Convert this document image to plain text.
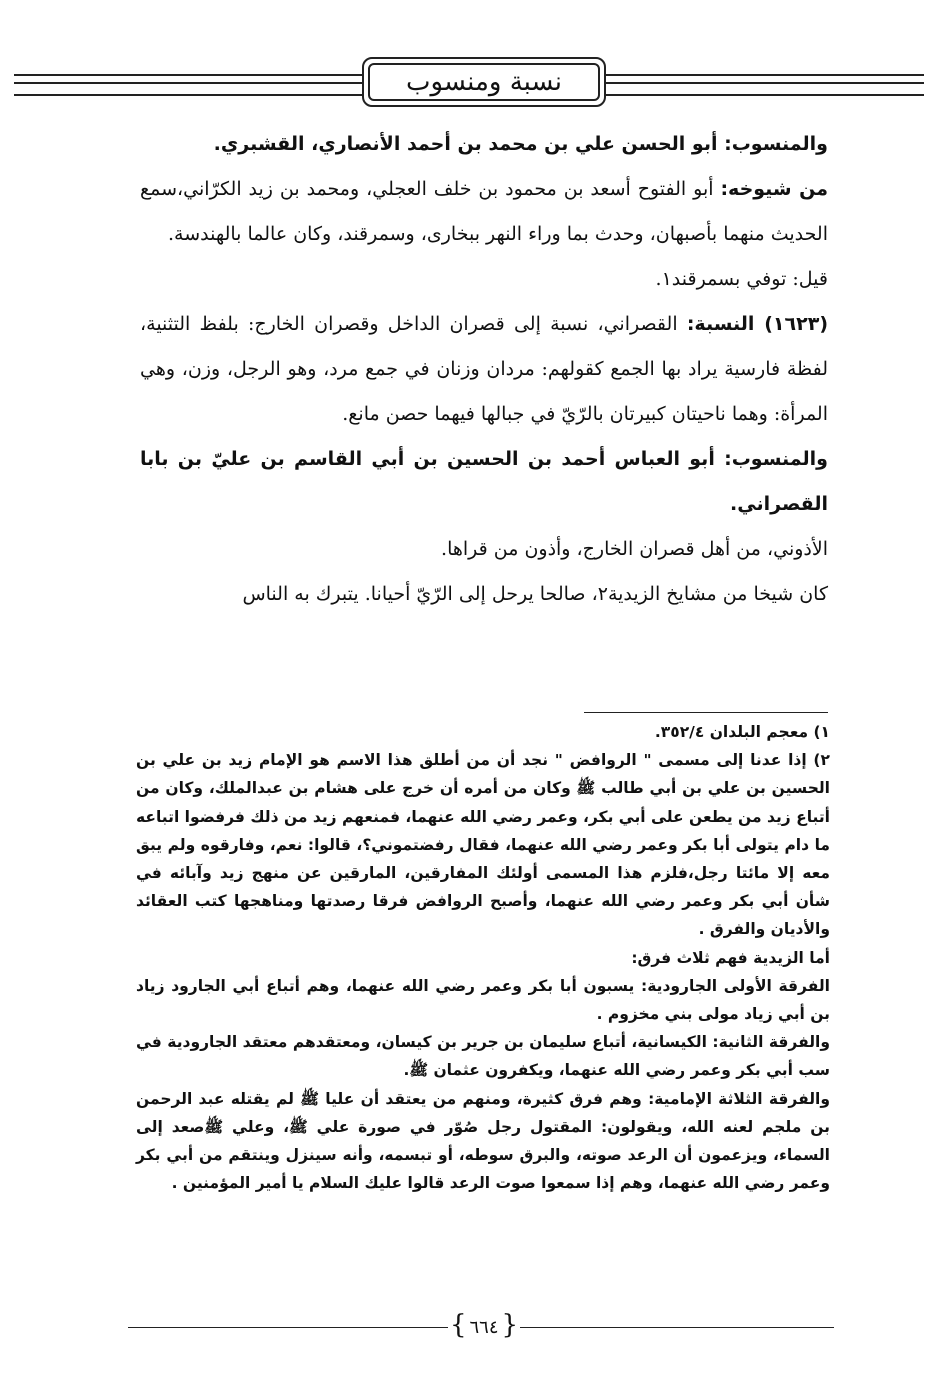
نسبة ومنسوب

والمنسوب: أبو الحسن علي بن محمد بن أحمد الأنصاري، القشبري.

من شيوخه: أبو الفتوح أسعد بن محمود بن خلف العجلي، ومحمد بن زيد الكرّاني،سمع الحديث منهما بأصبهان، وحدث بما وراء النهر ببخارى، وسمرقند، وكان عالما بالهندسة.

قيل: توفي بسمرقند١.

(١٦٢٣) النسبة: القصراني، نسبة إلى قصران الداخل وقصران الخارج: بلفظ التثنية، لفظة فارسية يراد بها الجمع كقولهم: مردان وزنان في جمع مرد، وهو الرجل، وزن، وهي المرأة: وهما ناحيتان كبيرتان بالرّيّ في جبالها فيهما حصن مانع.

والمنسوب: أبو العباس أحمد بن الحسين بن أبي القاسم بن عليّ بن بابا القصراني.

الأذوني، من أهل قصران الخارج، وأذون من قراها.

كان شيخا من مشايخ الزيدية٢، صالحا يرحل إلى الرّيّ أحيانا. يتبرك به الناس

١) معجم البلدان ٣٥٢/٤.

٢) إذا عدنا إلى مسمى " الروافض " نجد أن من أطلق هذا الاسم هو الإمام زيد بن علي بن الحسين بن علي بن أبي طالب ﷺ وكان من أمره أن خرج على هشام بن عبدالملك، وكان من أتباع زيد من يطعن على أبي بكر، وعمر رضي الله عنهما، فمنعهم زيد من ذلك فرفضوا اتباعه ما دام يتولى أبا بكر وعمر رضي الله عنهما، فقال رفضتموني؟، قالوا: نعم، وفارقوه ولم يبق معه إلا مائتا رجل،فلزم هذا المسمى أولئك المفارقين، المارقين عن منهج زيد وآبائه في شأن أبي بكر وعمر رضي الله عنهما، وأصبح الروافض فرقا رصدتها ومناهجها كتب العقائد والأديان والفرق .

أما الزيدية فهم ثلاث فرق:

الفرقة الأولى الجارودية: يسبون أبا بكر وعمر رضي الله عنهما، وهم أتباع أبي الجارود زياد بن أبي زياد مولى بني مخزوم .

والفرقة الثانية: الكيسانية، أتباع سليمان بن جرير بن كيسان، ومعتقدهم معتقد الجارودية في سب أبي بكر وعمر رضي الله عنهما، ويكفرون عثمان ﷺ.

والفرقة الثلاثة الإمامية: وهم فرق كثيرة، ومنهم من يعتقد أن عليا ﷺ لم يقتله عبد الرحمن بن ملجم لعنه الله، ويقولون: المقتول رجل صُوّر في صورة علي ﷺ، وعلي ﷺصعد إلى السماء، ويزعمون أن الرعد صوته، والبرق سوطه، أو تبسمه، وأنه سينزل وينتقم من أبي بكر وعمر رضي الله عنهما، وهم إذا سمعوا صوت الرعد قالوا عليك السلام يا أمير المؤمنين .

{ ٦٦٤ }
